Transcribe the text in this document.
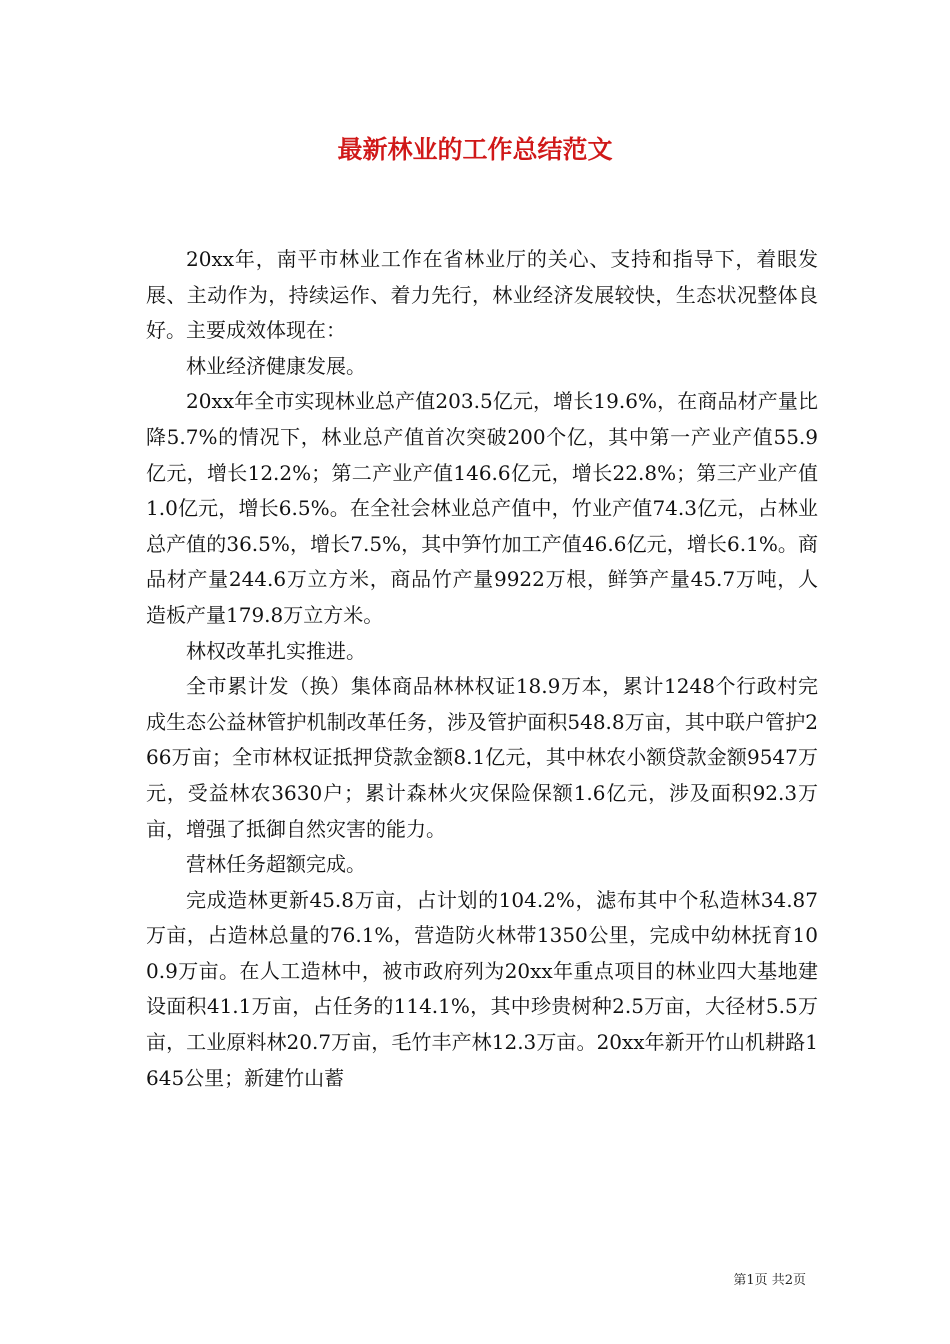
最新林业的工作总结范文

20xx年，南平市林业工作在省林业厅的关心、支持和指导下，着眼发展、主动作为，持续运作、着力先行，林业经济发展较快，生态状况整体良好。主要成效体现在：

林业经济健康发展。

20xx年全市实现林业总产值203.5亿元，增长19.6%，在商品材产量比降5.7%的情况下，林业总产值首次突破200个亿，其中第一产业产值55.9亿元，增长12.2%；第二产业产值146.6亿元，增长22.8%；第三产业产值1.0亿元，增长6.5%。在全社会林业总产值中，竹业产值74.3亿元，占林业总产值的36.5%，增长7.5%，其中笋竹加工产值46.6亿元，增长6.1%。商品材产量244.6万立方米，商品竹产量9922万根，鲜笋产量45.7万吨，人造板产量179.8万立方米。

林权改革扎实推进。

全市累计发（换）集体商品林林权证18.9万本，累计1248个行政村完成生态公益林管护机制改革任务，涉及管护面积548.8万亩，其中联户管护266万亩；全市林权证抵押贷款金额8.1亿元，其中林农小额贷款金额9547万元，受益林农3630户；累计森林火灾保险保额1.6亿元，涉及面积92.3万亩，增强了抵御自然灾害的能力。

营林任务超额完成。

完成造林更新45.8万亩，占计划的104.2%，滤布其中个私造林34.87万亩，占造林总量的76.1%，营造防火林带1350公里，完成中幼林抚育100.9万亩。在人工造林中，被市政府列为20xx年重点项目的林业四大基地建设面积41.1万亩，占任务的114.1%，其中珍贵树种2.5万亩，大径材5.5万亩，工业原料林20.7万亩，毛竹丰产林12.3万亩。20xx年新开竹山机耕路1645公里；新建竹山蓄

第1页 共2页
